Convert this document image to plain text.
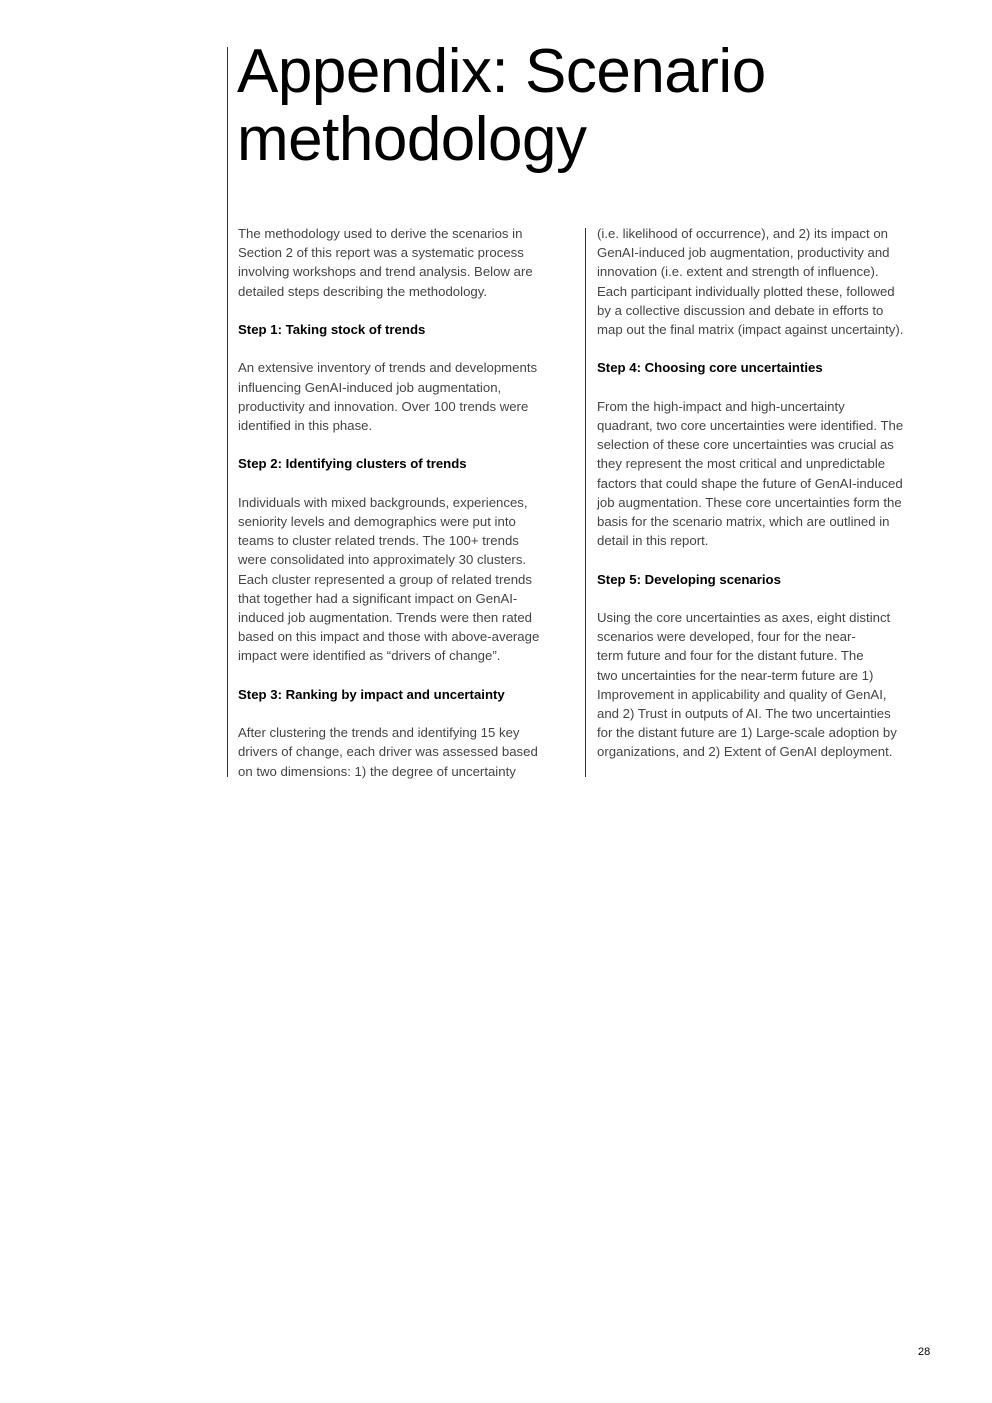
Appendix: Scenario
methodology

The methodology used to derive the scenarios in
Section 2 of this report was a systematic process
involving workshops and trend analysis. Below are
detailed steps describing the methodology.

Step 1: Taking stock of trends

An extensive inventory of trends and developments
influencing GenAI-induced job augmentation,
productivity and innovation. Over 100 trends were
identified in this phase.

Step 2: Identifying clusters of trends

Individuals with mixed backgrounds, experiences,
seniority levels and demographics were put into
teams to cluster related trends. The 100+ trends
were consolidated into approximately 30 clusters.
Each cluster represented a group of related trends
that together had a significant impact on GenAI-
induced job augmentation. Trends were then rated
based on this impact and those with above-average
impact were identified as “drivers of change”.

Step 3: Ranking by impact and uncertainty

After clustering the trends and identifying 15 key
drivers of change, each driver was assessed based
on two dimensions: 1) the degree of uncertainty

(i.e. likelihood of occurrence), and 2) its impact on
GenAI-induced job augmentation, productivity and
innovation (i.e. extent and strength of influence).
Each participant individually plotted these, followed
by a collective discussion and debate in efforts to
map out the final matrix (impact against uncertainty).

Step 4: Choosing core uncertainties

From the high-impact and high-uncertainty
quadrant, two core uncertainties were identified. The
selection of these core uncertainties was crucial as
they represent the most critical and unpredictable
factors that could shape the future of GenAI-induced
job augmentation. These core uncertainties form the
basis for the scenario matrix, which are outlined in
detail in this report.

Step 5: Developing scenarios

Using the core uncertainties as axes, eight distinct
scenarios were developed, four for the near-
term future and four for the distant future. The
two uncertainties for the near-term future are 1)
Improvement in applicability and quality of GenAI,
and 2) Trust in outputs of AI. The two uncertainties
for the distant future are 1) Large-scale adoption by
organizations, and 2) Extent of GenAI deployment.

28
